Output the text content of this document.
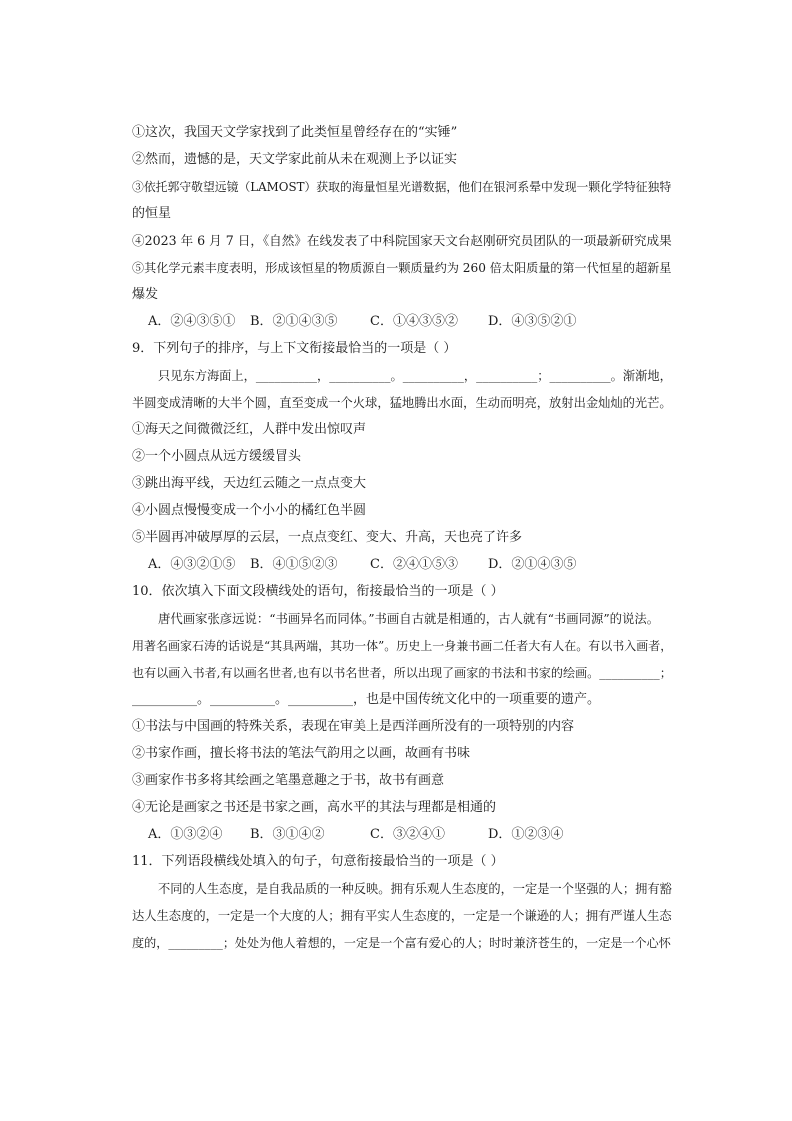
①这次，我国天文学家找到了此类恒星曾经存在的“实锤”
②然而，遗憾的是，天文学家此前从未在观测上予以证实
③依托郭守敬望远镜（LAMOST）获取的海量恒星光谱数据，他们在银河系晕中发现一颗化学特征独特
的恒星
④2023 年 6 月 7 日，《自然》在线发表了中科院国家天文台赵刚研究员团队的一项最新研究成果
⑤其化学元素丰度表明，形成该恒星的物质源自一颗质量约为 260 倍太阳质量的第一代恒星的超新星
爆发
A．②④③⑤① B．②①④③⑤ C．①④③⑤② D．④③⑤②①
9．下列句子的排序，与上下文衔接最恰当的一项是（ ）
只见东方海面上，__________，__________。__________，__________；__________。渐渐地，
半圆变成清晰的大半个圆，直至变成一个火球，猛地腾出水面，生动而明亮，放射出金灿灿的光芒。
①海天之间微微泛红，人群中发出惊叹声
②一个小圆点从远方缓缓冒头
③跳出海平线，天边红云随之一点点变大
④小圆点慢慢变成一个小小的橘红色半圆
⑤半圆再冲破厚厚的云层，一点点变红、变大、升高，天也亮了许多
A．④③②①⑤ B．④①⑤②③ C．②④①⑤③ D．②①④③⑤
10．依次填入下面文段横线处的语句，衔接最恰当的一项是（ ）
唐代画家张彦远说：“书画异名而同体。”书画自古就是相通的，古人就有“书画同源”的说法。
用著名画家石涛的话说是“其具两端，其功一体”。历史上一身兼书画二任者大有人在。有以书入画者，
也有以画入书者,有以画名世者,也有以书名世者，所以出现了画家的书法和书家的绘画。__________；
__________。__________。__________，也是中国传统文化中的一项重要的遗产。
①书法与中国画的特殊关系，表现在审美上是西洋画所没有的一项特别的内容
②书家作画，擅长将书法的笔法气韵用之以画，故画有书味
③画家作书多将其绘画之笔墨意趣之于书，故书有画意
④无论是画家之书还是书家之画，高水平的其法与理都是相通的
A．①③②④ B．③①④②	C．③②④①	D．①②③④
11．下列语段横线处填入的句子，句意衔接最恰当的一项是（ ）
不同的人生态度，是自我品质的一种反映。拥有乐观人生态度的，一定是一个坚强的人；拥有豁
达人生态度的，一定是一个大度的人；拥有平实人生态度的，一定是一个谦逊的人；拥有严谨人生态
度的，_________；处处为他人着想的，一定是一个富有爱心的人；时时兼济苍生的，一定是一个心怀
